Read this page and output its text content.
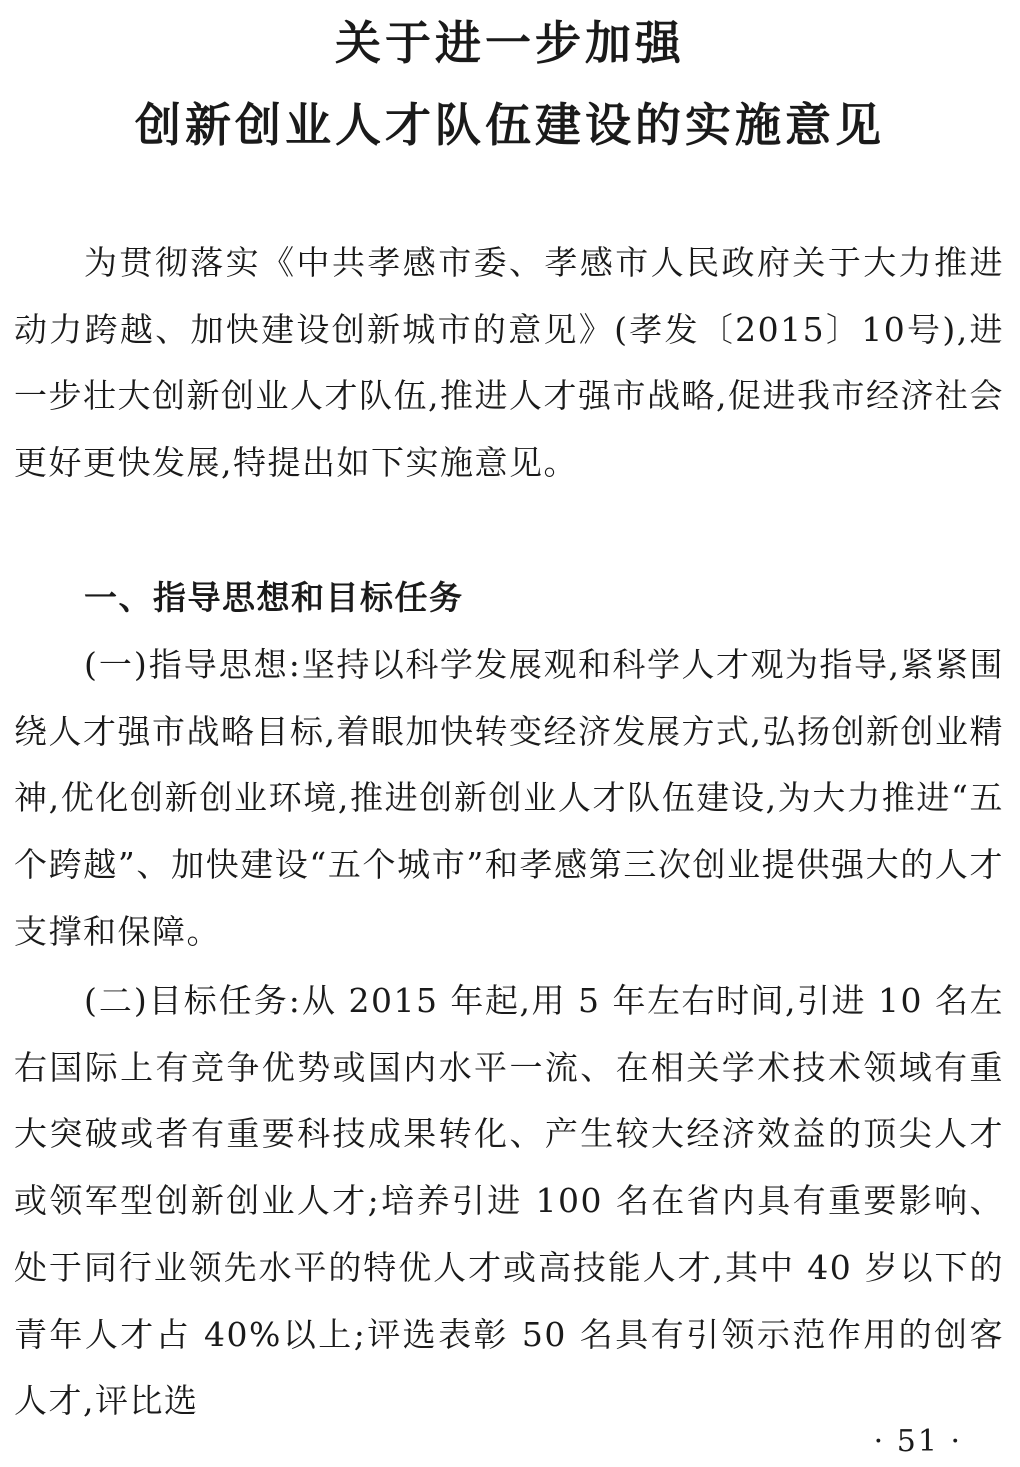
关于进一步加强
创新创业人才队伍建设的实施意见

为贯彻落实《中共孝感市委、孝感市人民政府关于大力推进动力跨越、加快建设创新城市的意见》(孝发〔2015〕10号),进一步壮大创新创业人才队伍,推进人才强市战略,促进我市经济社会更好更快发展,特提出如下实施意见。

一、指导思想和目标任务

(一)指导思想:坚持以科学发展观和科学人才观为指导,紧紧围绕人才强市战略目标,着眼加快转变经济发展方式,弘扬创新创业精神,优化创新创业环境,推进创新创业人才队伍建设,为大力推进“五个跨越”、加快建设“五个城市”和孝感第三次创业提供强大的人才支撑和保障。

(二)目标任务:从 2015 年起,用 5 年左右时间,引进 10 名左右国际上有竞争优势或国内水平一流、在相关学术技术领域有重大突破或者有重要科技成果转化、产生较大经济效益的顶尖人才或领军型创新创业人才;培养引进 100 名在省内具有重要影响、处于同行业领先水平的特优人才或高技能人才,其中 40 岁以下的青年人才占 40%以上;评选表彰 50 名具有引领示范作用的创客人才,评比选

· 51 ·
